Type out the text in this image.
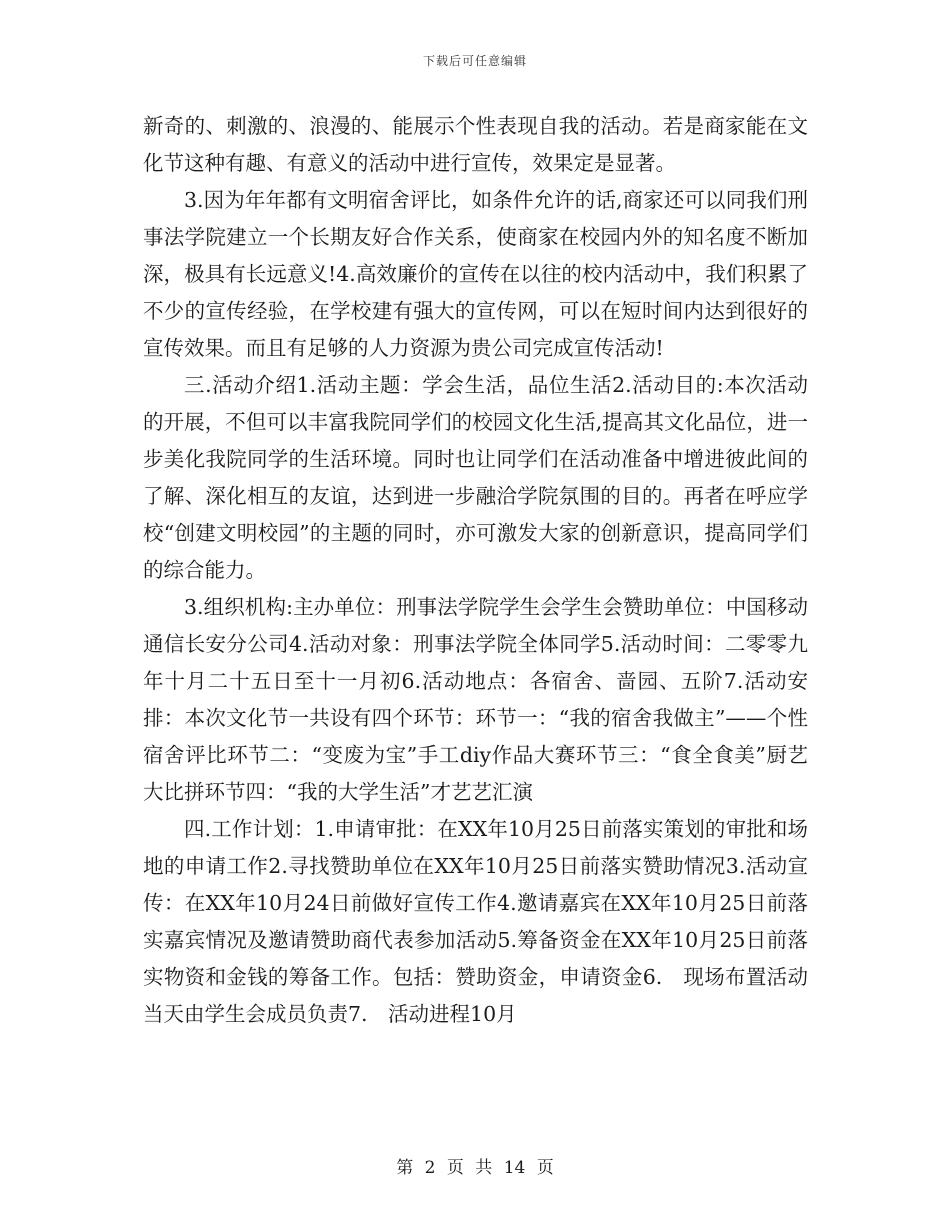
下载后可任意编辑

新奇的、刺激的、浪漫的、能展示个性表现自我的活动。若是商家能在文化节这种有趣、有意义的活动中进行宣传，效果定是显著。

3.因为年年都有文明宿舍评比，如条件允许的话,商家还可以同我们刑事法学院建立一个长期友好合作关系，使商家在校园内外的知名度不断加深，极具有长远意义!4.高效廉价的宣传在以往的校内活动中，我们积累了不少的宣传经验，在学校建有强大的宣传网，可以在短时间内达到很好的宣传效果。而且有足够的人力资源为贵公司完成宣传活动!

三.活动介绍1.活动主题：学会生活，品位生活2.活动目的:本次活动的开展，不但可以丰富我院同学们的校园文化生活,提高其文化品位，进一步美化我院同学的生活环境。同时也让同学们在活动准备中增进彼此间的了解、深化相互的友谊，达到进一步融洽学院氛围的目的。再者在呼应学校“创建文明校园”的主题的同时，亦可激发大家的创新意识，提高同学们的综合能力。

3.组织机构:主办单位：刑事法学院学生会学生会赞助单位：中国移动通信长安分公司4.活动对象：刑事法学院全体同学5.活动时间：二零零九年十月二十五日至十一月初6.活动地点：各宿舍、啬园、五阶7.活动安排：本次文化节一共设有四个环节：环节一：“我的宿舍我做主”——个性宿舍评比环节二：“变废为宝”手工diy作品大赛环节三：“食全食美”厨艺大比拼环节四：“我的大学生活”才艺艺汇演

四.工作计划：1.申请审批：在XX年10月25日前落实策划的审批和场地的申请工作2.寻找赞助单位在XX年10月25日前落实赞助情况3.活动宣传：在XX年10月24日前做好宣传工作4.邀请嘉宾在XX年10月25日前落实嘉宾情况及邀请赞助商代表参加活动5.筹备资金在XX年10月25日前落实物资和金钱的筹备工作。包括：赞助资金，申请资金6.　现场布置活动当天由学生会成员负责7.　活动进程10月

第 2 页 共 14 页
